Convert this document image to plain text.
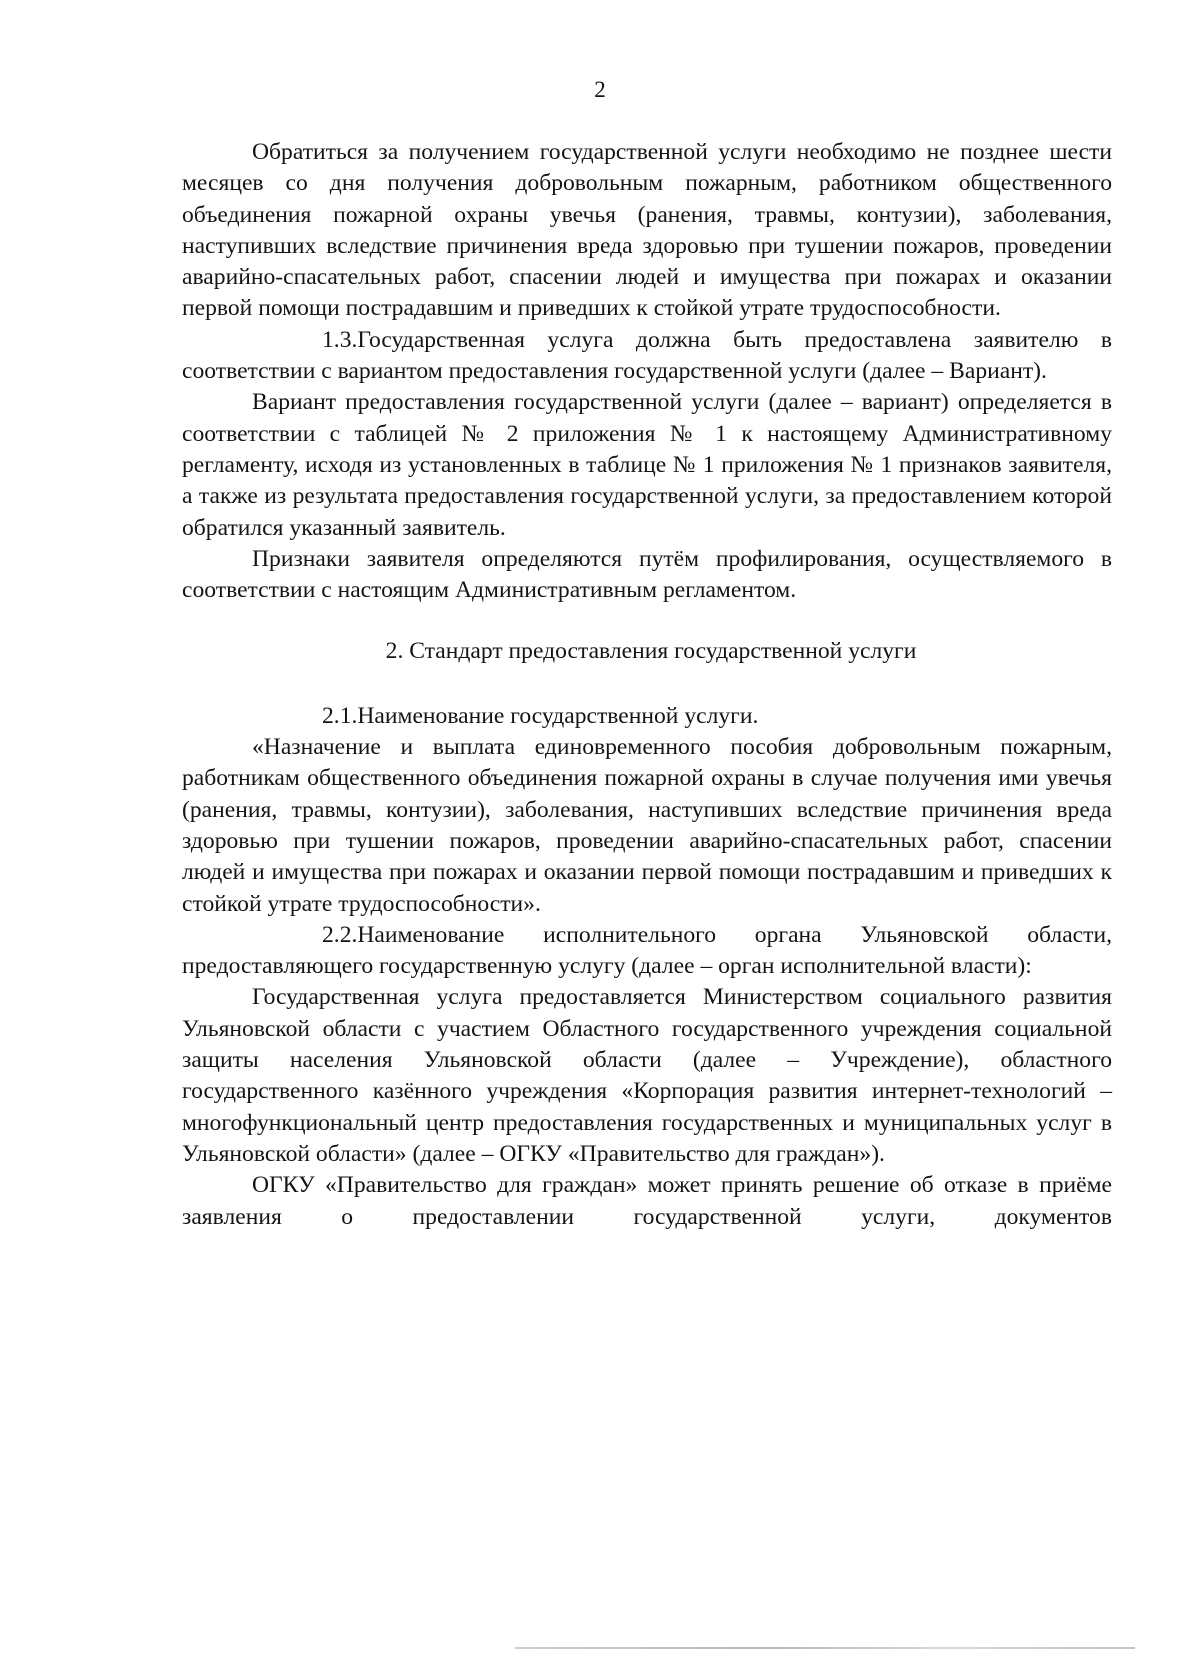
2

Обратиться за получением государственной услуги необходимо не позднее шести месяцев со дня получения добровольным пожарным, работником общественного объединения пожарной охраны увечья (ранения, травмы, контузии), заболевания, наступивших вследствие причинения вреда здоровью при тушении пожаров, проведении аварийно-спасательных работ, спасении людей и имущества при пожарах и оказании первой помощи пострадавшим и приведших к стойкой утрате трудоспособности.

1.3.Государственная услуга должна быть предоставлена заявителю в соответствии с вариантом предоставления государственной услуги (далее – Вариант).

Вариант предоставления государственной услуги (далее – вариант) определяется в соответствии с таблицей № 2 приложения № 1 к настоящему Административному регламенту, исходя из установленных в таблице № 1 приложения № 1 признаков заявителя, а также из результата предоставления государственной услуги, за предоставлением которой обратился указанный заявитель.

Признаки заявителя определяются путём профилирования, осуществляемого в соответствии с настоящим Административным регламентом.

2. Стандарт предоставления государственной услуги

2.1.Наименование государственной услуги.

«Назначение и выплата единовременного пособия добровольным пожарным, работникам общественного объединения пожарной охраны в случае получения ими увечья (ранения, травмы, контузии), заболевания, наступивших вследствие причинения вреда здоровью при тушении пожаров, проведении аварийно-спасательных работ, спасении людей и имущества при пожарах и оказании первой помощи пострадавшим и приведших к стойкой утрате трудоспособности».

2.2.Наименование исполнительного органа Ульяновской области, предоставляющего государственную услугу (далее – орган исполнительной власти):

Государственная услуга предоставляется Министерством социального развития Ульяновской области с участием Областного государственного учреждения социальной защиты населения Ульяновской области (далее – Учреждение), областного государственного казённого учреждения «Корпорация развития интернет-технологий – многофункциональный центр предоставления государственных и муниципальных услуг в Ульяновской области» (далее – ОГКУ «Правительство для граждан»).

ОГКУ «Правительство для граждан» может принять решение об отказе в приёме заявления о предоставлении государственной услуги, документов
